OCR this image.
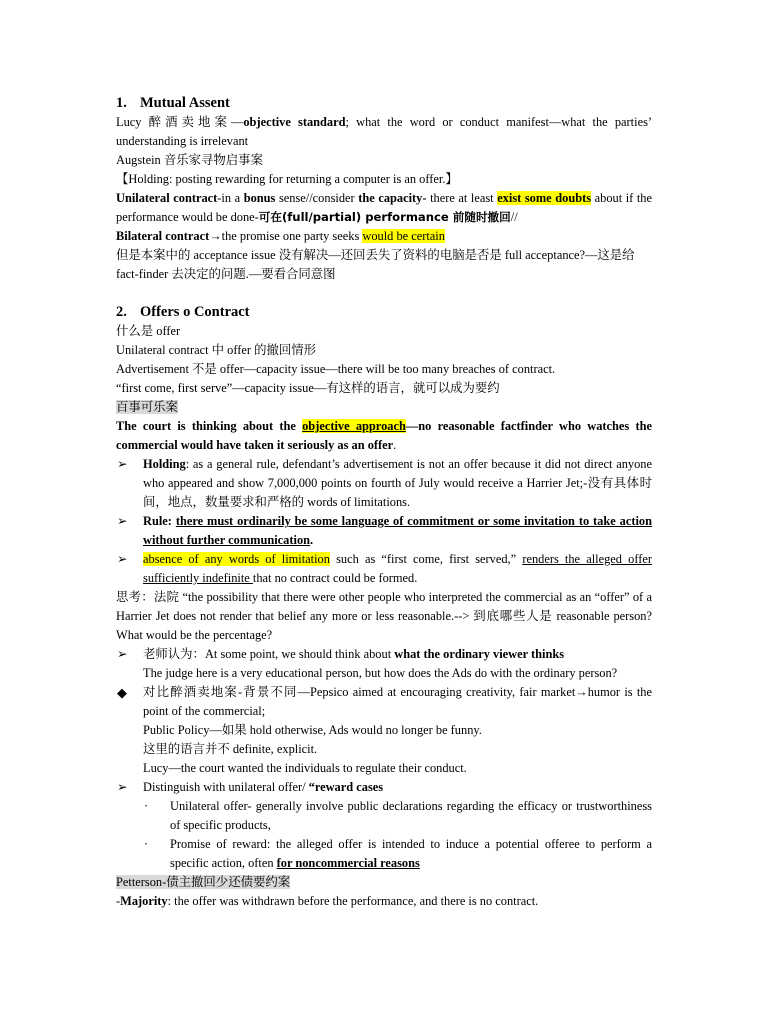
1. Mutual Assent

Lucy 醉酒卖地案—objective standard; what the word or conduct manifest—what the parties’ understanding is irrelevant

Augstein 音乐家寻物启事案

【Holding: posting rewarding for returning a computer is an offer.】

Unilateral contract-in a bonus sense//consider the capacity- there at least exist some doubts about if the performance would be done-可在(full/partial) performance 前随时撤回//

Bilateral contract→the promise one party seeks would be certain

但是本案中的 acceptance issue 没有解决—还回丢失了资料的电脑是否是 full acceptance?—这是给 fact-finder 去决定的问题.—要看合同意图

2. Offers o Contract

什么是 offer

Unilateral contract 中 offer 的撤回情形

Advertisement 不是 offer—capacity issue—there will be too many breaches of contract.

“first come, first serve”—capacity issue—有这样的语言，就可以成为要约

百事可乐案

The court is thinking about the objective approach—no reasonable factfinder who watches the commercial would have taken it seriously as an offer.

➢	Holding: as a general rule, defendant’s advertisement is not an offer because it did not direct anyone who appeared and show 7,000,000 points on fourth of July would receive a Harrier Jet;-没有具体时间，地点，数量要求和严格的 words of limitations.

➢	Rule: there must ordinarily be some language of commitment or some invitation to take action without further communication.

➢	absence of any words of limitation such as “first come, first served,” renders the alleged offer sufficiently indefinite that no contract could be formed.

思考：法院 “the possibility that there were other people who interpreted the commercial as an “offer” of a Harrier Jet does not render that belief any more or less reasonable.--> 到底哪些人是 reasonable person? What would be the percentage?

➢	老师认为：At some point, we should think about what the ordinary viewer thinks

The judge here is a very educational person, but how does the Ads do with the ordinary person?

◆	对比醉酒卖地案-背景不同—Pepsico aimed at encouraging creativity, fair market→humor is the point of the commercial;

Public Policy—如果 hold otherwise, Ads would no longer be funny.

这里的语言并不 definite, explicit.

Lucy—the court wanted the individuals to regulate their conduct.

➢	Distinguish with unilateral offer/ “reward cases

· Unilateral offer- generally involve public declarations regarding the efficacy or trustworthiness of specific products,

· Promise of reward: the alleged offer is intended to induce a potential offeree to perform a specific action, often for noncommercial reasons

Petterson-债主撤回少还债要约案

-Majority: the offer was withdrawn before the performance, and there is no contract.
